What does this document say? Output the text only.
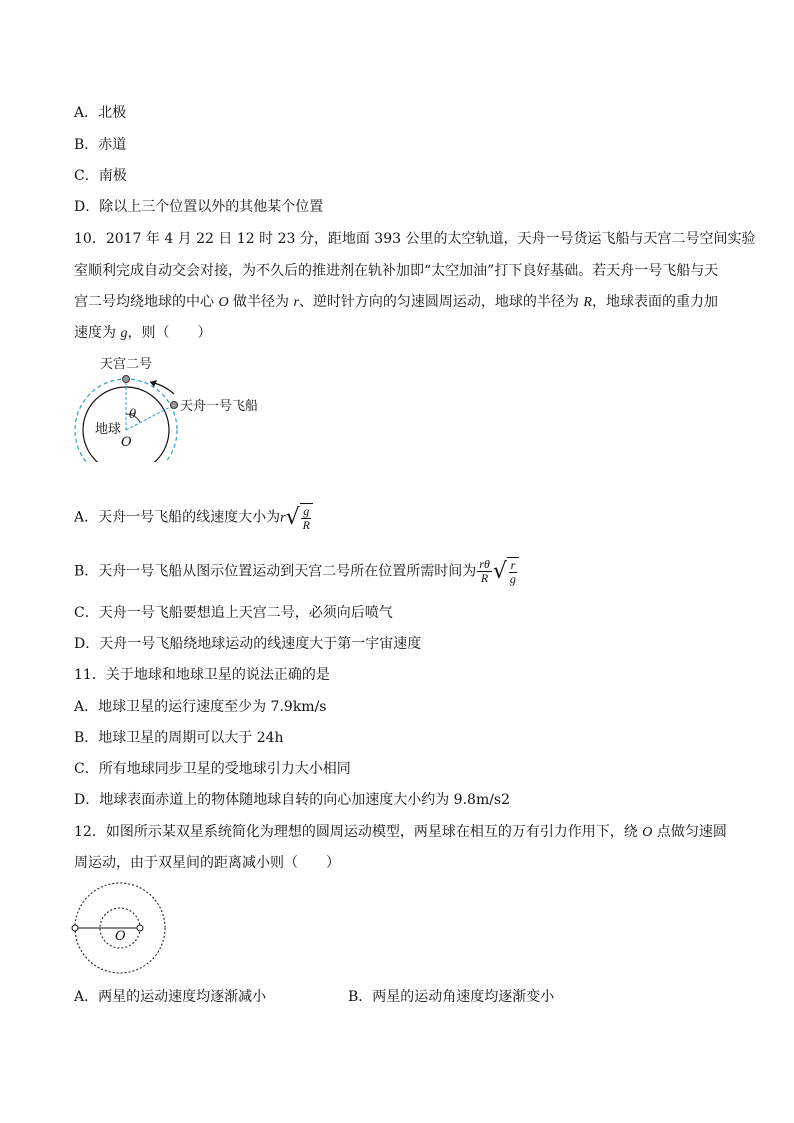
A．北极
B．赤道
C．南极
D．除以上三个位置以外的其他某个位置
10．2017 年 4 月 22 日 12 时 23 分，距地面 393 公里的太空轨道，天舟一号货运飞船与天宫二号空间实验
室顺利完成自动交会对接，为不久后的推进剂在轨补加即“太空加油”打下良好基础。若天舟一号飞船与天
宫二号均绕地球的中心 O 做半径为 r、逆时针方向的匀速圆周运动，地球的半径为 R，地球表面的重力加
速度为 g，则（　　）
天宫二号
天舟一号飞船
地球
O
θ
A．天舟一号飞船的线速度大小为r √ $\frac{g}{R}$
B．天舟一号飞船从图示位置运动到天宫二号所在位置所需时间为 $\frac{r\theta}{R}$ √ $\frac{r}{g}$
C．天舟一号飞船要想追上天宫二号，必须向后喷气
D．天舟一号飞船绕地球运动的线速度大于第一宇宙速度
11．关于地球和地球卫星的说法正确的是
A．地球卫星的运行速度至少为 7.9km/s
B．地球卫星的周期可以大于 24h
C．所有地球同步卫星的受地球引力大小相同
D．地球表面赤道上的物体随地球自转的向心加速度大小约为 9.8m/s2
12．如图所示某双星系统简化为理想的圆周运动模型，两星球在相互的万有引力作用下，绕 O 点做匀速圆
周运动，由于双星间的距离减小则（　　）
O
A．两星的运动速度均逐渐减小	B．两星的运动角速度均逐渐变小
